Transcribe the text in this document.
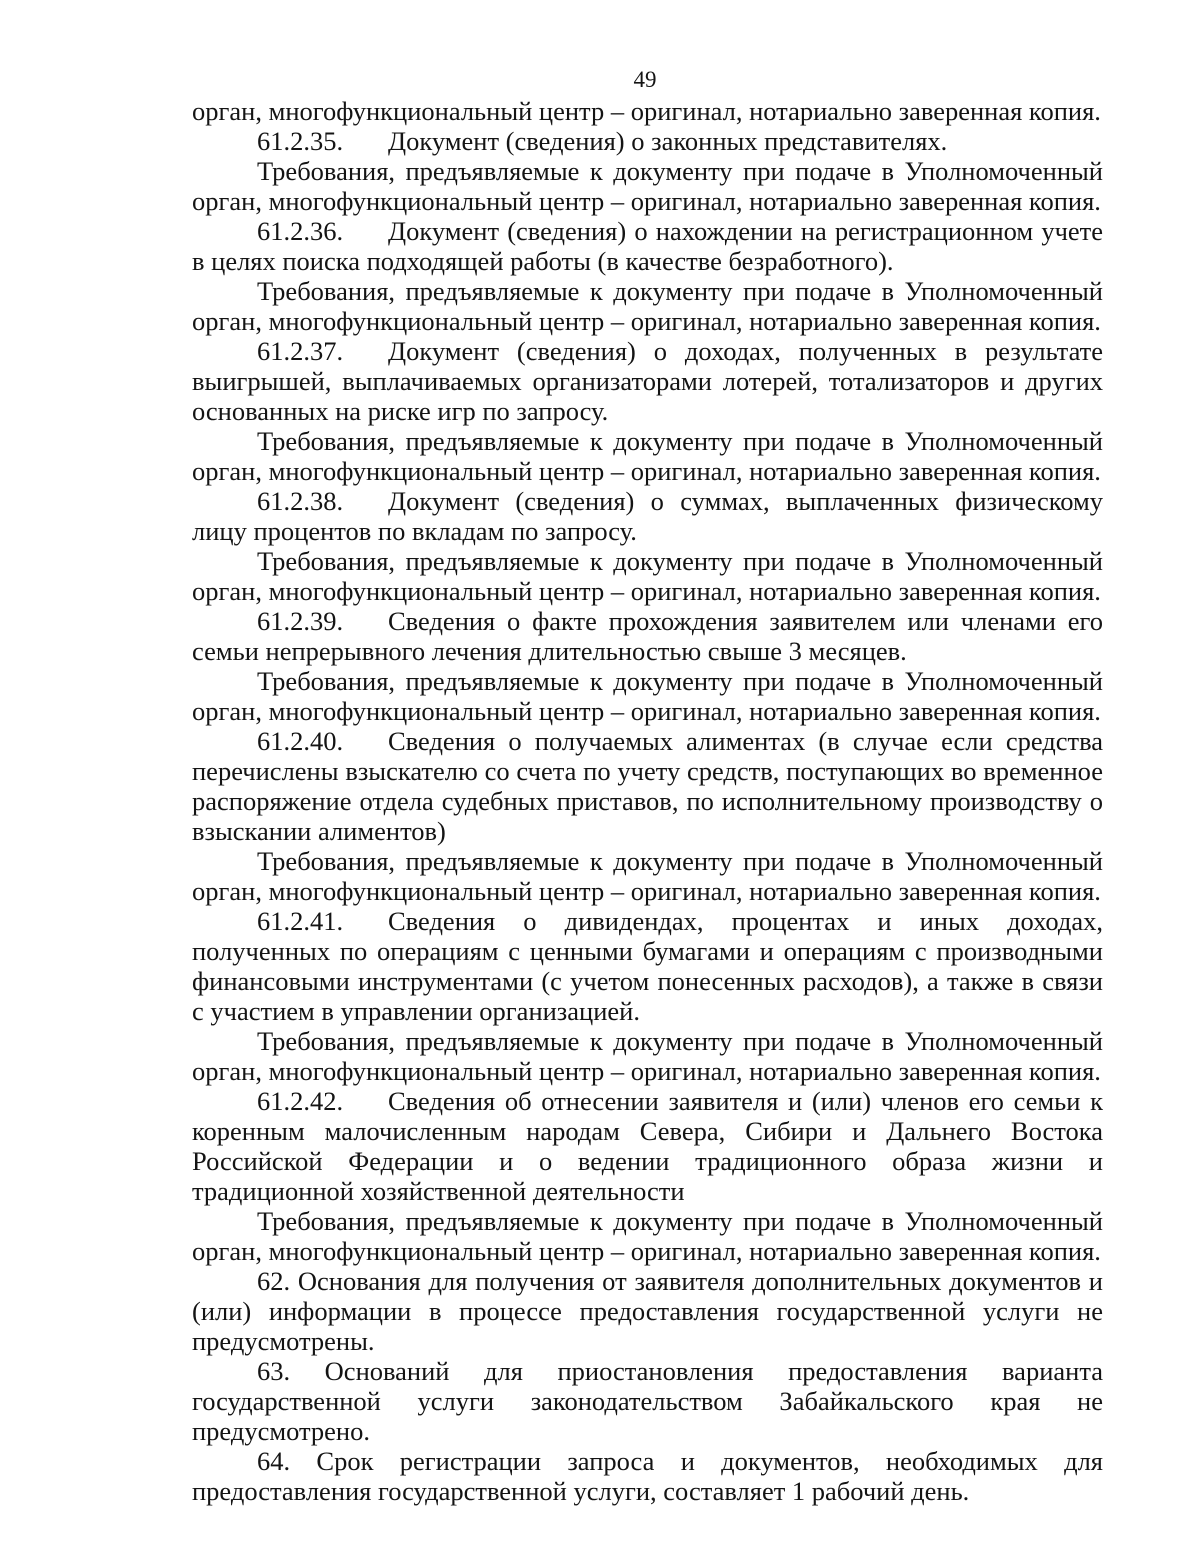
49

орган, многофункциональный центр – оригинал, нотариально заверенная копия.

61.2.35. Документ (сведения) о законных представителях.

Требования, предъявляемые к документу при подаче в Уполномоченный орган, многофункциональный центр – оригинал, нотариально заверенная копия.

61.2.36. Документ (сведения) о нахождении на регистрационном учете в целях поиска подходящей работы (в качестве безработного).

Требования, предъявляемые к документу при подаче в Уполномоченный орган, многофункциональный центр – оригинал, нотариально заверенная копия.

61.2.37. Документ (сведения) о доходах, полученных в результате выигрышей, выплачиваемых организаторами лотерей, тотализаторов и других основанных на риске игр по запросу.

Требования, предъявляемые к документу при подаче в Уполномоченный орган, многофункциональный центр – оригинал, нотариально заверенная копия.

61.2.38. Документ (сведения) о суммах, выплаченных физическому лицу процентов по вкладам по запросу.

Требования, предъявляемые к документу при подаче в Уполномоченный орган, многофункциональный центр – оригинал, нотариально заверенная копия.

61.2.39. Сведения о факте прохождения заявителем или членами его семьи непрерывного лечения длительностью свыше 3 месяцев.

Требования, предъявляемые к документу при подаче в Уполномоченный орган, многофункциональный центр – оригинал, нотариально заверенная копия.

61.2.40. Сведения о получаемых алиментах (в случае если средства перечислены взыскателю со счета по учету средств, поступающих во временное распоряжение отдела судебных приставов, по исполнительному производству о взыскании алиментов)

Требования, предъявляемые к документу при подаче в Уполномоченный орган, многофункциональный центр – оригинал, нотариально заверенная копия.

61.2.41. Сведения о дивидендах, процентах и иных доходах, полученных по операциям с ценными бумагами и операциям с производными финансовыми инструментами (с учетом понесенных расходов), а также в связи с участием в управлении организацией.

Требования, предъявляемые к документу при подаче в Уполномоченный орган, многофункциональный центр – оригинал, нотариально заверенная копия.

61.2.42. Сведения об отнесении заявителя и (или) членов его семьи к коренным малочисленным народам Севера, Сибири и Дальнего Востока Российской Федерации и о ведении традиционного образа жизни и традиционной хозяйственной деятельности

Требования, предъявляемые к документу при подаче в Уполномоченный орган, многофункциональный центр – оригинал, нотариально заверенная копия.

62. Основания для получения от заявителя дополнительных документов и (или) информации в процессе предоставления государственной услуги не предусмотрены.

63. Оснований для приостановления предоставления варианта государственной услуги законодательством Забайкальского края не предусмотрено.

64. Срок регистрации запроса и документов, необходимых для предоставления государственной услуги, составляет 1 рабочий день.
